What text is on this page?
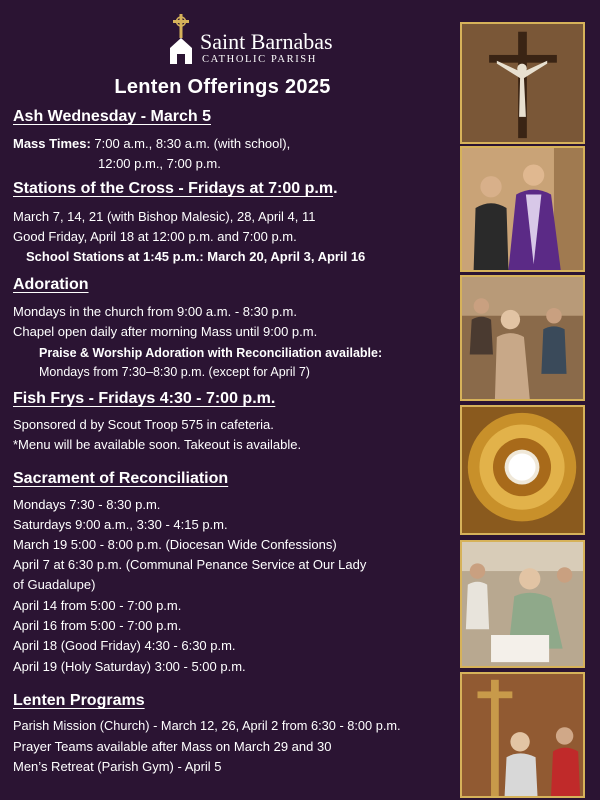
Saint Barnabas
CATHOLIC PARISH
Lenten Offerings 2025
Ash Wednesday - March 5
Mass Times: 7:00 a.m., 8:30 a.m. (with school),
12:00 p.m., 7:00 p.m.
Stations of the Cross - Fridays at 7:00 p.m.
March 7, 14, 21 (with Bishop Malesic), 28, April 4, 11
Good Friday, April 18 at 12:00 p.m. and 7:00 p.m.
School Stations at 1:45 p.m.: March 20, April 3, April 16
Adoration
Mondays in the church from 9:00 a.m. - 8:30 p.m.
Chapel open daily after morning Mass until 9:00 p.m.
Praise & Worship Adoration with Reconciliation available:
Mondays from 7:30–8:30 p.m. (except for April 7)
Fish Frys - Fridays 4:30 - 7:00 p.m.
Sponsored d by Scout Troop 575 in cafeteria.
*Menu will be available soon. Takeout is available.
Sacrament of Reconciliation
Mondays 7:30 - 8:30 p.m.
Saturdays 9:00 a.m., 3:30 - 4:15 p.m.
March 19 5:00 - 8:00 p.m. (Diocesan Wide Confessions)
April 7 at 6:30 p.m. (Communal Penance Service at Our Lady
of Guadalupe)
April 14 from 5:00 - 7:00 p.m.
April 16 from 5:00 - 7:00 p.m.
April 18 (Good Friday) 4:30 - 6:30 p.m.
April 19 (Holy Saturday) 3:00 - 5:00 p.m.
Lenten Programs
Parish Mission (Church) - March 12, 26, April 2 from 6:30 - 8:00 p.m.
Prayer Teams available after Mass on March 29 and 30
Men’s Retreat (Parish Gym) - April 5
